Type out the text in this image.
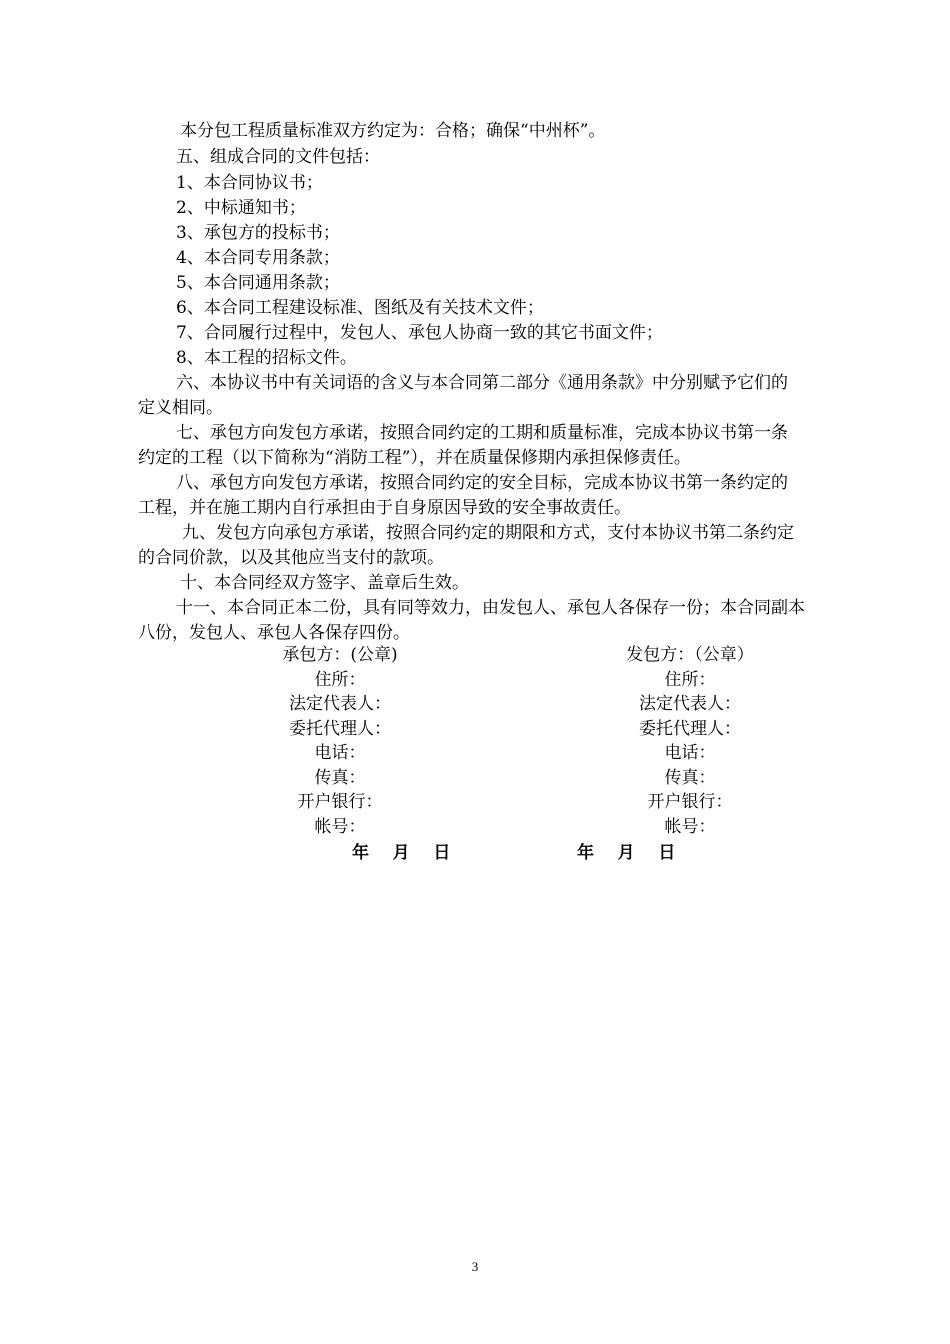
本分包工程质量标准双方约定为：合格；确保“中州杯”。
五、组成合同的文件包括：
1、本合同协议书；
2、中标通知书；
3、承包方的投标书；
4、本合同专用条款；
5、本合同通用条款；
6、本合同工程建设标准、图纸及有关技术文件；
7、合同履行过程中，发包人、承包人协商一致的其它书面文件；
8、本工程的招标文件。
六、本协议书中有关词语的含义与本合同第二部分《通用条款》中分别赋予它们的
定义相同。
七、承包方向发包方承诺，按照合同约定的工期和质量标准，完成本协议书第一条
约定的工程（以下简称为“消防工程”），并在质量保修期内承担保修责任。
八、承包方向发包方承诺，按照合同约定的安全目标，完成本协议书第一条约定的
工程，并在施工期内自行承担由于自身原因导致的安全事故责任。
九、发包方向承包方承诺，按照合同约定的期限和方式，支付本协议书第二条约定
的合同价款，以及其他应当支付的款项。
十、本合同经双方签字、盖章后生效。
十一、本合同正本二份，具有同等效力，由发包人、承包人各保存一份；本合同副本
八份，发包人、承包人各保存四份。
承包方：(公章)
住所：
法定代表人：
委托代理人：
电话：
传真：
开户银行：
帐号：
发包方：（公章）
住所：
法定代表人：
委托代理人：
电话：
传真：
开户银行：
帐号：
年    月    日	年    月    日
3
